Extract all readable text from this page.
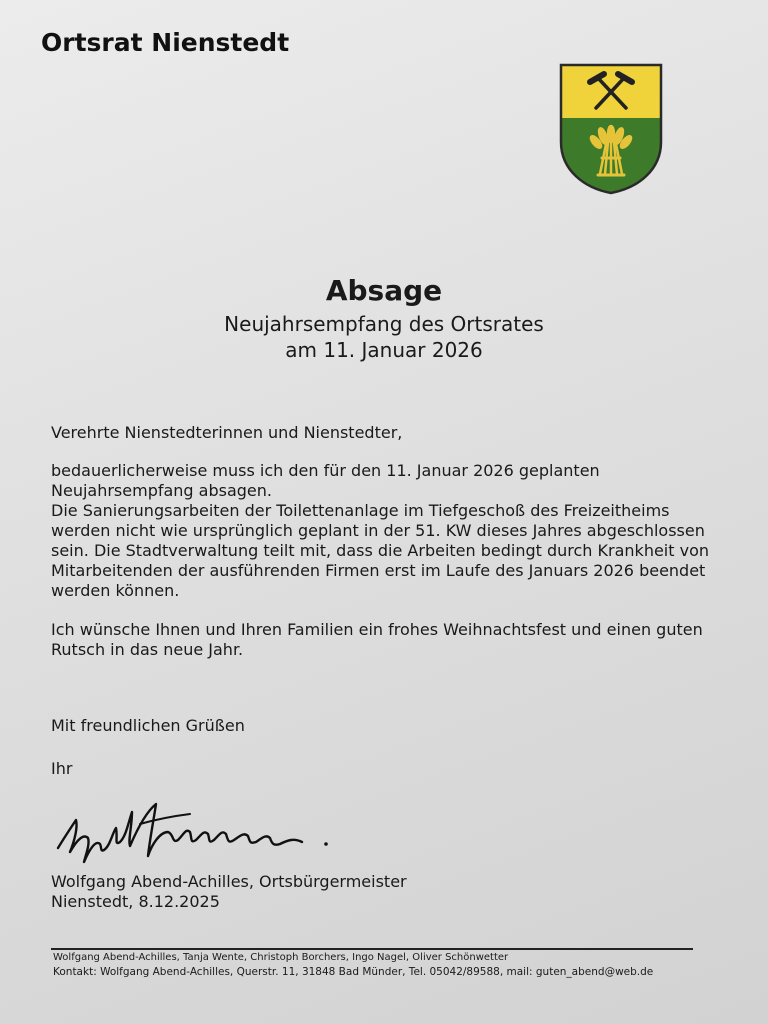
Ortsrat Nienstedt
Absage
Neujahrsempfang des Ortsrates
am 11. Januar 2026
Verehrte Nienstedterinnen und Nienstedter,
bedauerlicherweise muss ich den für den 11. Januar 2026 geplanten Neujahrsempfang absagen.
Die Sanierungsarbeiten der Toilettenanlage im Tiefgeschoß des Freizeitheims werden nicht wie ursprünglich geplant in der 51. KW dieses Jahres abgeschlossen sein. Die Stadtverwaltung teilt mit, dass die Arbeiten bedingt durch Krankheit von Mitarbeitenden der ausführenden Firmen erst im Laufe des Januars 2026 beendet werden können.
Ich wünsche Ihnen und Ihren Familien ein frohes Weihnachtsfest und einen guten Rutsch in das neue Jahr.
Mit freundlichen Grüßen
Ihr
Wolfgang Abend-Achilles, Ortsbürgermeister
Nienstedt, 8.12.2025
Wolfgang Abend-Achilles, Tanja Wente, Christoph Borchers, Ingo Nagel, Oliver Schönwetter
Kontakt: Wolfgang Abend-Achilles, Querstr. 11, 31848 Bad Münder, Tel. 05042/89588, mail: guten_abend@web.de
